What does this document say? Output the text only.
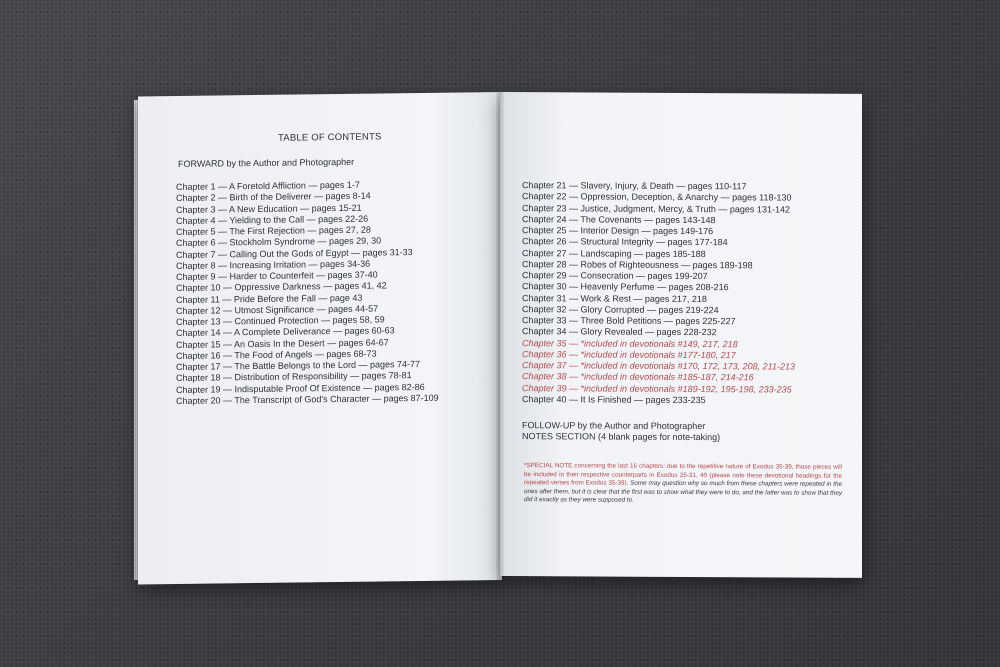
TABLE OF CONTENTS
FORWARD by the Author and Photographer
Chapter 1 — A Foretold Affliction — pages 1-7
Chapter 2 — Birth of the Deliverer — pages 8-14
Chapter 3 — A New Education — pages 15-21
Chapter 4 — Yielding to the Call — pages 22-26
Chapter 5 — The First Rejection — pages 27, 28
Chapter 6 — Stockholm Syndrome — pages 29, 30
Chapter 7 — Calling Out the Gods of Egypt — pages 31-33
Chapter 8 — Increasing Irritation — pages 34-36
Chapter 9 — Harder to Counterfeit — pages 37-40
Chapter 10 — Oppressive Darkness — pages 41, 42
Chapter 11 — Pride Before the Fall — page 43
Chapter 12 — Utmost Significance — pages 44-57
Chapter 13 — Continued Protection — pages 58, 59
Chapter 14 — A Complete Deliverance — pages 60-63
Chapter 15 — An Oasis In the Desert — pages 64-67
Chapter 16 — The Food of Angels — pages 68-73
Chapter 17 — The Battle Belongs to the Lord — pages 74-77
Chapter 18 — Distribution of Responsibility — pages 78-81
Chapter 19 — Indisputable Proof Of Existence — pages 82-86
Chapter 20 — The Transcript of God's Character — pages 87-109
Chapter 21 — Slavery, Injury, & Death — pages 110-117
Chapter 22 — Oppression, Deception, & Anarchy — pages 118-130
Chapter 23 — Justice, Judgment, Mercy, & Truth — pages 131-142
Chapter 24 — The Covenants — pages 143-148
Chapter 25 — Interior Design — pages 149-176
Chapter 26 — Structural Integrity — pages 177-184
Chapter 27 — Landscaping — pages 185-188
Chapter 28 — Robes of Righteousness — pages 189-198
Chapter 29 — Consecration — pages 199-207
Chapter 30 — Heavenly Perfume — pages 208-216
Chapter 31 — Work & Rest — pages 217, 218
Chapter 32 — Glory Corrupted — pages 219-224
Chapter 33 — Three Bold Petitions — pages 225-227
Chapter 34 — Glory Revealed — pages 228-232
Chapter 35 — *included in devotionals #149, 217, 218
Chapter 36 — *included in devotionals #177-180, 217
Chapter 37 — *included in devotionals #170, 172, 173, 208, 211-213
Chapter 38 — *included in devotionals #185-187, 214-216
Chapter 39 — *included in devotionals #189-192, 195-198, 233-235
Chapter 40 — It Is Finished — pages 233-235
FOLLOW-UP by the Author and Photographer
NOTES SECTION (4 blank pages for note-taking)
*SPECIAL NOTE concerning the last 16 chapters: due to the repetitive nature of Exodus 35-39, those pieces will be included in their respective counterparts in Exodus 25-31, 40 (please note these devotional headings for the repeated verses from Exodus 35-39). Some may question why so much from these chapters were repeated in the ones after them, but it is clear that the first was to show what they were to do, and the latter was to show that they did it exactly as they were supposed to.
